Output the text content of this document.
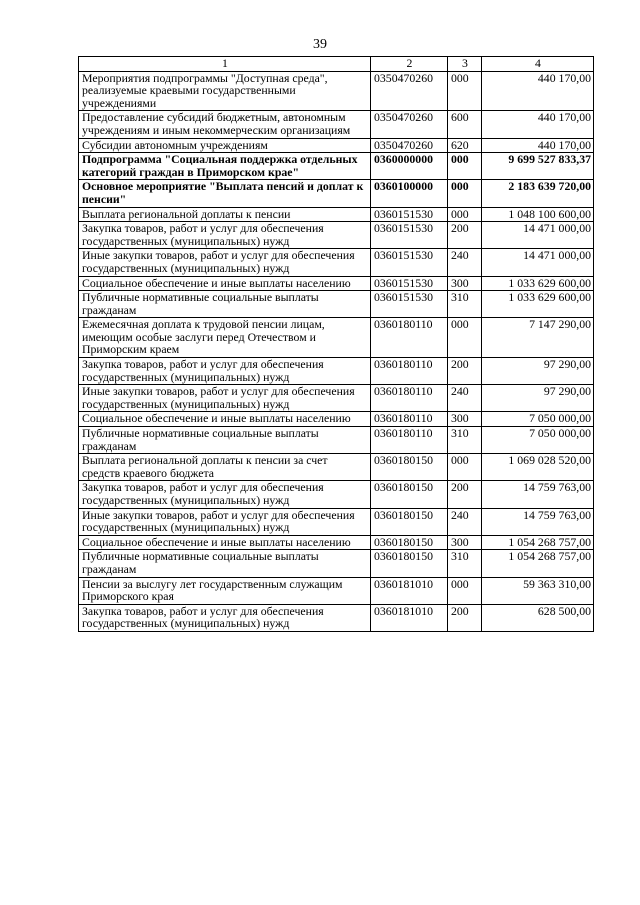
39
1	2	3	4
Мероприятия подпрограммы "Доступная среда", реализуемые краевыми государственными учреждениями	0350470260	000	440 170,00
Предоставление субсидий бюджетным, автономным учреждениям и иным некоммерческим организациям	0350470260	600	440 170,00
Субсидии автономным учреждениям	0350470260	620	440 170,00
Подпрограмма "Социальная поддержка отдельных категорий граждан в Приморском крае"	0360000000	000	9 699 527 833,37
Основное мероприятие "Выплата пенсий и доплат к пенсии"	0360100000	000	2 183 639 720,00
Выплата региональной доплаты к пенсии	0360151530	000	1 048 100 600,00
Закупка товаров, работ и услуг для обеспечения государственных (муниципальных) нужд	0360151530	200	14 471 000,00
Иные закупки товаров, работ и услуг для обеспечения государственных (муниципальных) нужд	0360151530	240	14 471 000,00
Социальное обеспечение и иные выплаты населению	0360151530	300	1 033 629 600,00
Публичные нормативные социальные выплаты гражданам	0360151530	310	1 033 629 600,00
Ежемесячная доплата к трудовой пенсии лицам, имеющим особые заслуги перед Отечеством и Приморским краем	0360180110	000	7 147 290,00
Закупка товаров, работ и услуг для обеспечения государственных (муниципальных) нужд	0360180110	200	97 290,00
Иные закупки товаров, работ и услуг для обеспечения государственных (муниципальных) нужд	0360180110	240	97 290,00
Социальное обеспечение и иные выплаты населению	0360180110	300	7 050 000,00
Публичные нормативные социальные выплаты гражданам	0360180110	310	7 050 000,00
Выплата региональной доплаты к пенсии за счет средств краевого бюджета	0360180150	000	1 069 028 520,00
Закупка товаров, работ и услуг для обеспечения государственных (муниципальных) нужд	0360180150	200	14 759 763,00
Иные закупки товаров, работ и услуг для обеспечения государственных (муниципальных) нужд	0360180150	240	14 759 763,00
Социальное обеспечение и иные выплаты населению	0360180150	300	1 054 268 757,00
Публичные нормативные социальные выплаты гражданам	0360180150	310	1 054 268 757,00
Пенсии за выслугу лет государственным служащим Приморского края	0360181010	000	59 363 310,00
Закупка товаров, работ и услуг для обеспечения государственных (муниципальных) нужд	0360181010	200	628 500,00
